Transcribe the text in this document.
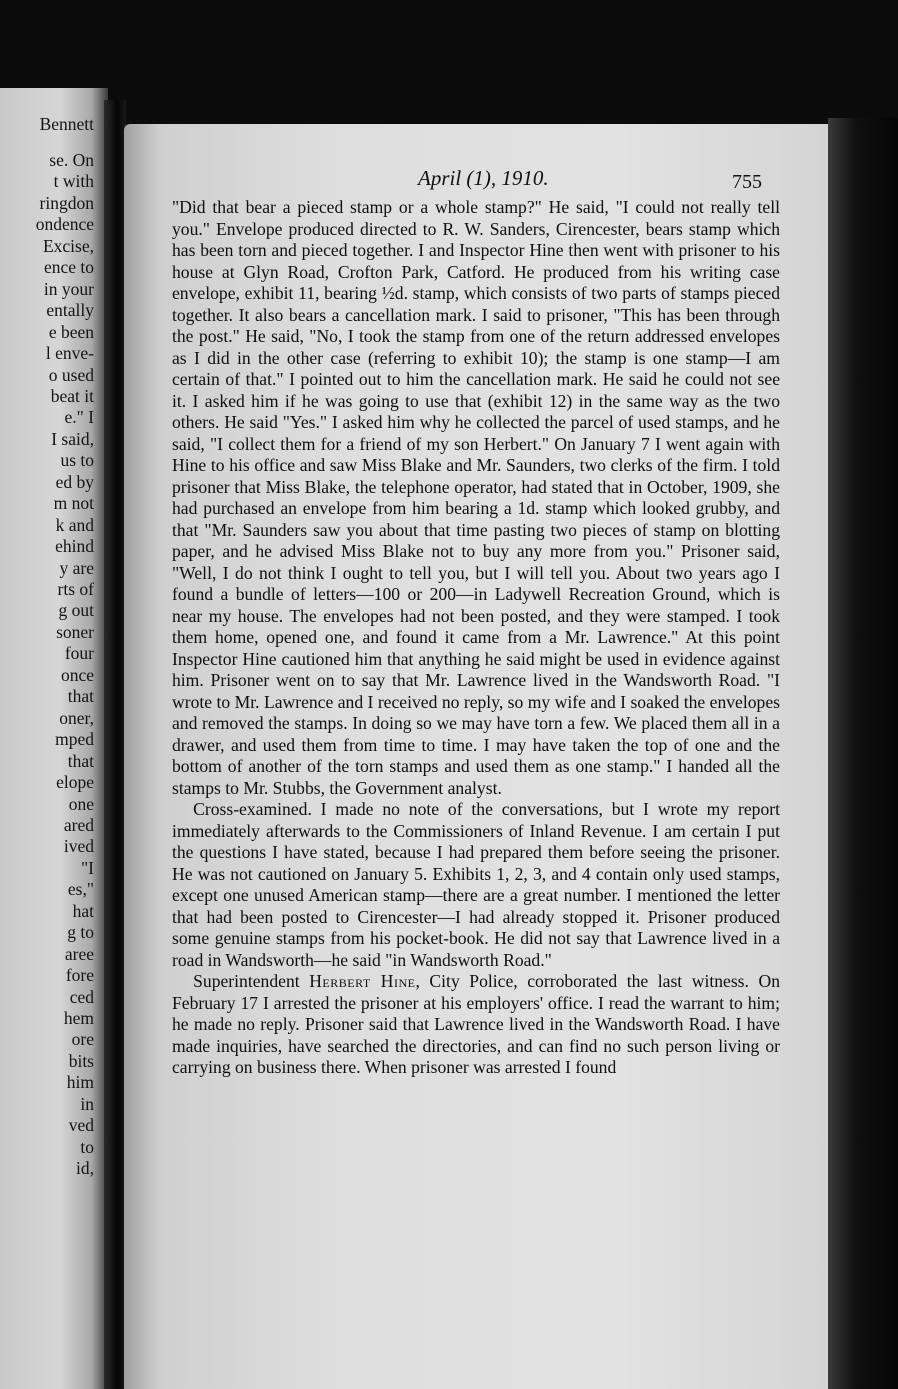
Bennett
se. On
t with
ringdon
ondence
Excise,
ence to
in your
entally
e been
l enve-
o used
beat it
e." I
I said,
us to
ed by
m not
k and
ehind
y are
rts of
g out
soner
four
once
that
oner,
mped
that
elope
one
ared
ived
"I
es,"
hat
g to
aree
fore
ced
hem
ore
bits
him
in
ved
to
id,
April (1), 1910.	755

"Did that bear a pieced stamp or a whole stamp?" He said, "I could not really tell you." Envelope produced directed to R. W. Sanders, Cirencester, bears stamp which has been torn and pieced together. I and Inspector Hine then went with prisoner to his house at Glyn Road, Crofton Park, Catford. He produced from his writing case envelope, exhibit 11, bearing ½d. stamp, which consists of two parts of stamps pieced together. It also bears a cancellation mark. I said to prisoner, "This has been through the post." He said, "No, I took the stamp from one of the return addressed envelopes as I did in the other case (referring to exhibit 10); the stamp is one stamp—I am certain of that." I pointed out to him the cancellation mark. He said he could not see it. I asked him if he was going to use that (exhibit 12) in the same way as the two others. He said "Yes." I asked him why he collected the parcel of used stamps, and he said, "I collect them for a friend of my son Herbert." On January 7 I went again with Hine to his office and saw Miss Blake and Mr. Saunders, two clerks of the firm. I told prisoner that Miss Blake, the telephone operator, had stated that in October, 1909, she had purchased an envelope from him bearing a 1d. stamp which looked grubby, and that "Mr. Saunders saw you about that time pasting two pieces of stamp on blotting paper, and he advised Miss Blake not to buy any more from you." Prisoner said, "Well, I do not think I ought to tell you, but I will tell you. About two years ago I found a bundle of letters—100 or 200—in Ladywell Recreation Ground, which is near my house. The envelopes had not been posted, and they were stamped. I took them home, opened one, and found it came from a Mr. Lawrence." At this point Inspector Hine cautioned him that anything he said might be used in evidence against him. Prisoner went on to say that Mr. Lawrence lived in the Wandsworth Road. "I wrote to Mr. Lawrence and I received no reply, so my wife and I soaked the envelopes and removed the stamps. In doing so we may have torn a few. We placed them all in a drawer, and used them from time to time. I may have taken the top of one and the bottom of another of the torn stamps and used them as one stamp." I handed all the stamps to Mr. Stubbs, the Government analyst.

Cross-examined. I made no note of the conversations, but I wrote my report immediately afterwards to the Commissioners of Inland Revenue. I am certain I put the questions I have stated, because I had prepared them before seeing the prisoner. He was not cautioned on January 5. Exhibits 1, 2, 3, and 4 contain only used stamps, except one unused American stamp—there are a great number. I mentioned the letter that had been posted to Cirencester—I had already stopped it. Prisoner produced some genuine stamps from his pocket-book. He did not say that Lawrence lived in a road in Wandsworth—he said "in Wandsworth Road."

Superintendent Herbert Hine, City Police, corroborated the last witness. On February 17 I arrested the prisoner at his employers' office. I read the warrant to him; he made no reply. Prisoner said that Lawrence lived in the Wandsworth Road. I have made inquiries, have searched the directories, and can find no such person living or carrying on business there. When prisoner was arrested I found
